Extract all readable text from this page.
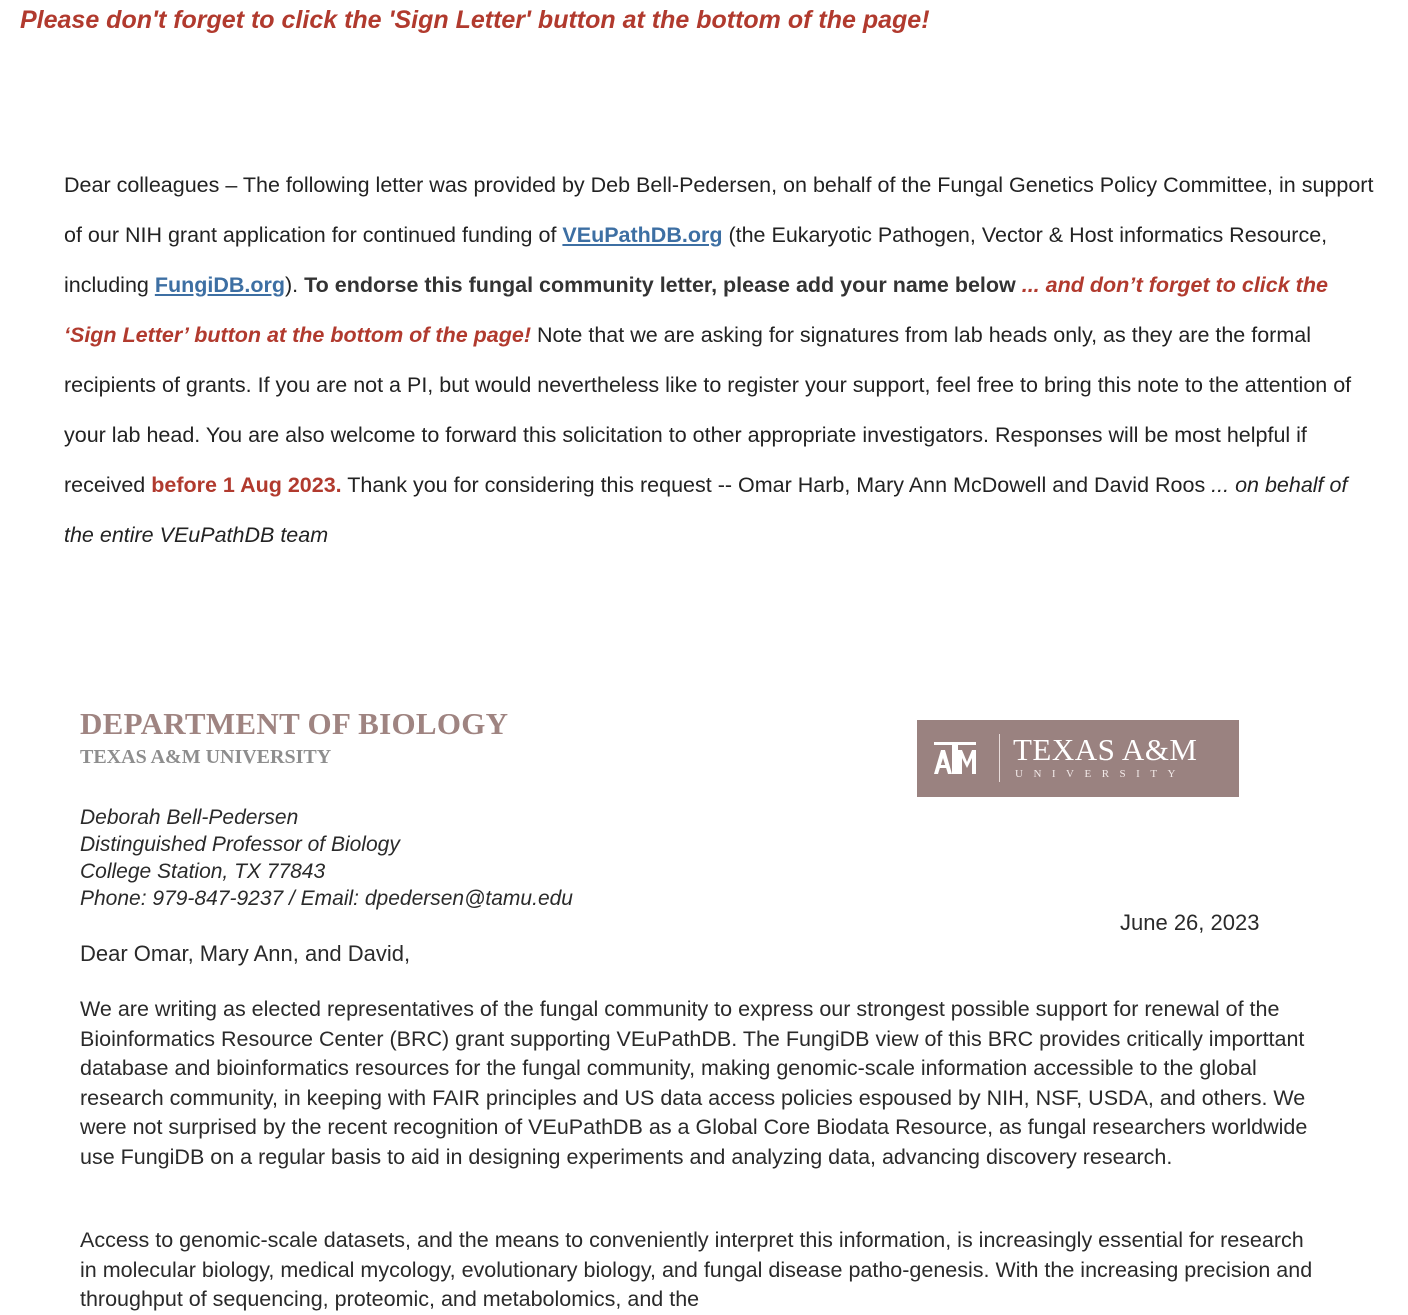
Please don't forget to click the 'Sign Letter' button at the bottom of the page!
Dear colleagues – The following letter was provided by Deb Bell-Pedersen, on behalf of the Fungal Genetics Policy Committee, in support of our NIH grant application for continued funding of VEuPathDB.org (the Eukaryotic Pathogen, Vector & Host informatics Resource, including FungiDB.org). To endorse this fungal community letter, please add your name below ... and don’t forget to click the ‘Sign Letter’ button at the bottom of the page! Note that we are asking for signatures from lab heads only, as they are the formal recipients of grants. If you are not a PI, but would nevertheless like to register your support, feel free to bring this note to the attention of your lab head. You are also welcome to forward this solicitation to other appropriate investigators. Responses will be most helpful if received before 1 Aug 2023. Thank you for considering this request -- Omar Harb, Mary Ann McDowell and David Roos ... on behalf of the entire VEuPathDB team
DEPARTMENT OF BIOLOGY
TEXAS A&M UNIVERSITY	TEXAS A&M
UNIVERSITY
Deborah Bell-Pedersen
Distinguished Professor of Biology
College Station, TX 77843
Phone: 979-847-9237 / Email: dpedersen@tamu.edu
June 26, 2023
Dear Omar, Mary Ann, and David,
We are writing as elected representatives of the fungal community to express our strongest possible support for renewal of the Bioinformatics Resource Center (BRC) grant supporting VEuPathDB. The FungiDB view of this BRC provides critically importtant database and bioinformatics resources for the fungal community, making genomic-scale information accessible to the global research community, in keeping with FAIR principles and US data access policies espoused by NIH, NSF, USDA, and others. We were not surprised by the recent recognition of VEuPathDB as a Global Core Biodata Resource, as fungal researchers worldwide use FungiDB on a regular basis to aid in designing experiments and analyzing data, advancing discovery research.
Access to genomic-scale datasets, and the means to conveniently interpret this information, is increasingly essential for research in molecular biology, medical mycology, evolutionary biology, and fungal disease patho-genesis. With the increasing precision and throughput of sequencing, proteomic, and metabolomics, and the
